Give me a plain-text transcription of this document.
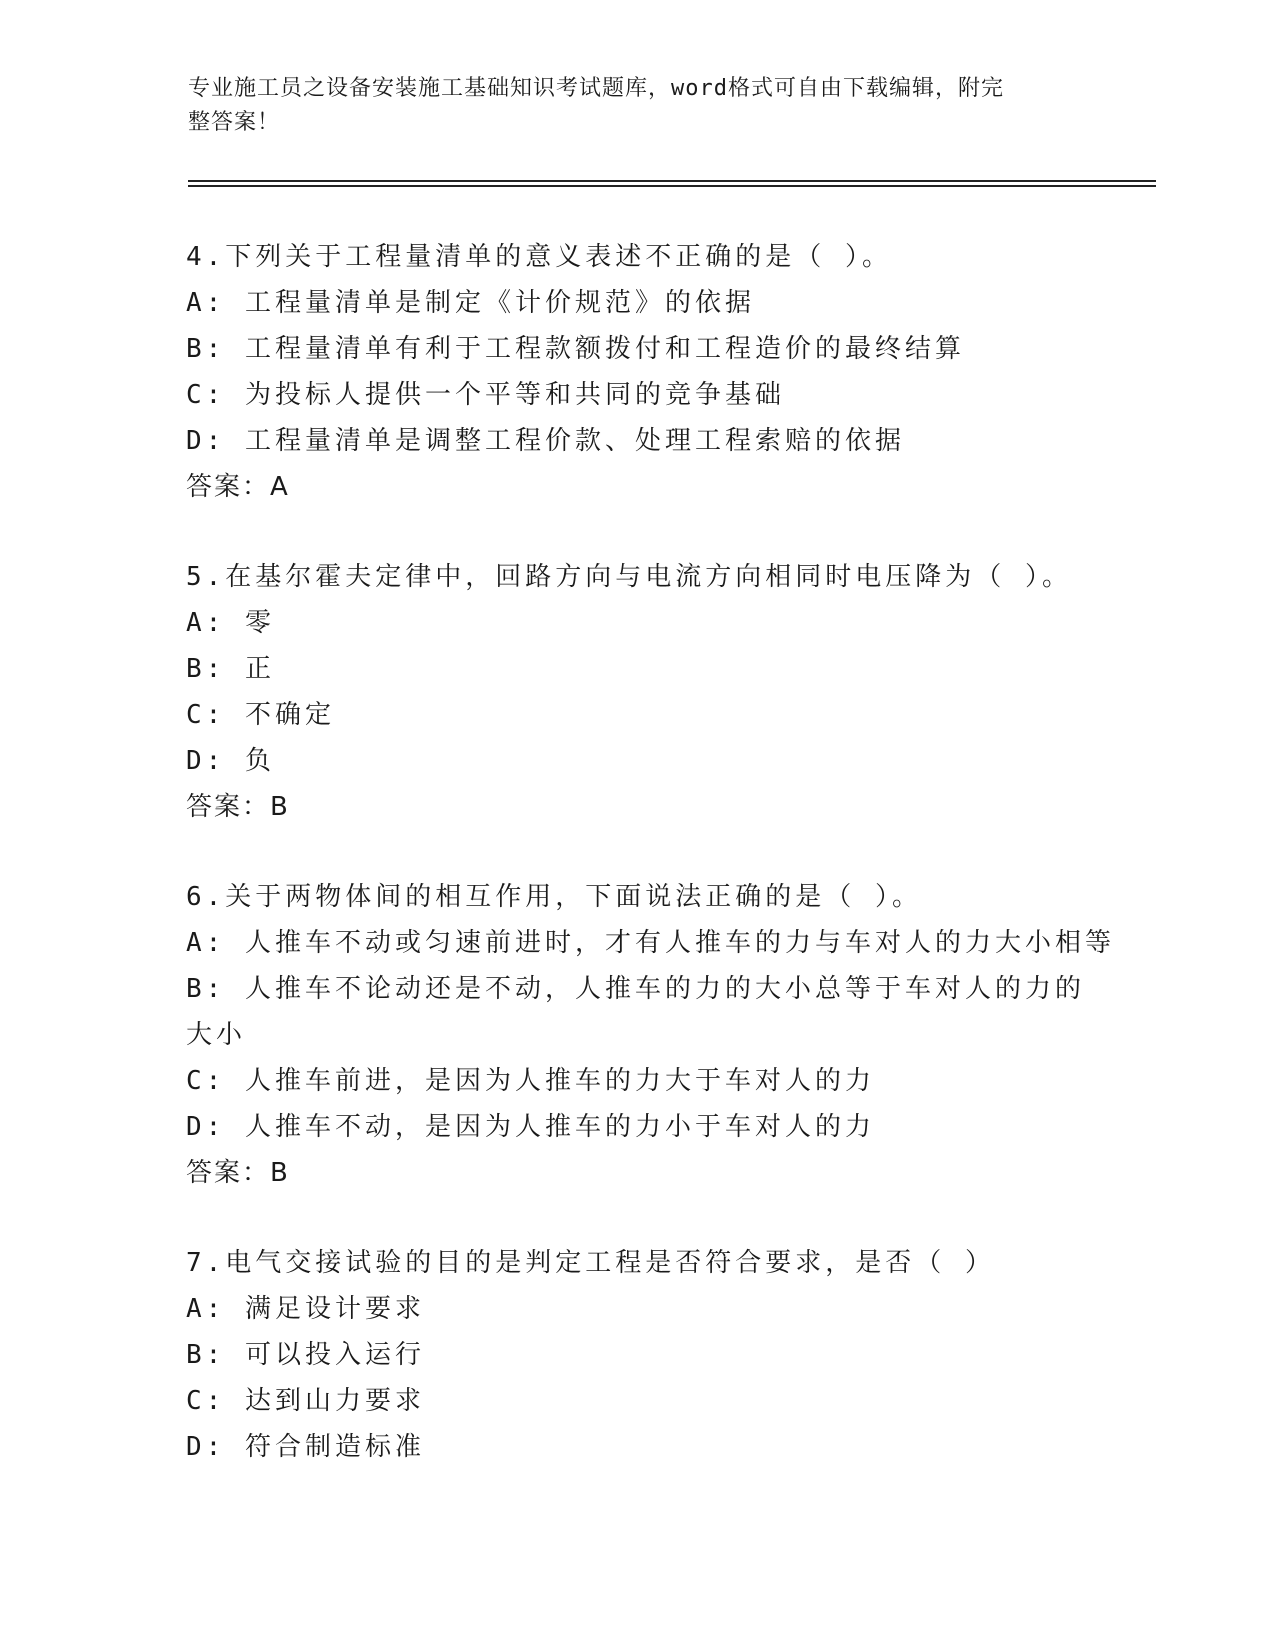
专业施工员之设备安装施工基础知识考试题库，word格式可自由下载编辑，附完
整答案！
4.下列关于工程量清单的意义表述不正确的是（ ）。
A: 工程量清单是制定《计价规范》的依据
B: 工程量清单有利于工程款额拨付和工程造价的最终结算
C: 为投标人提供一个平等和共同的竞争基础
D: 工程量清单是调整工程价款、处理工程索赔的依据
答案：A
5.在基尔霍夫定律中，回路方向与电流方向相同时电压降为（ ）。
A: 零
B: 正
C: 不确定
D: 负
答案：B
6.关于两物体间的相互作用，下面说法正确的是（ ）。
A: 人推车不动或匀速前进时，才有人推车的力与车对人的力大小相等
B: 人推车不论动还是不动，人推车的力的大小总等于车对人的力的大小
C: 人推车前进，是因为人推车的力大于车对人的力
D: 人推车不动，是因为人推车的力小于车对人的力
答案：B
7.电气交接试验的目的是判定工程是否符合要求，是否（ ）
A: 满足设计要求
B: 可以投入运行
C: 达到山力要求
D: 符合制造标准
